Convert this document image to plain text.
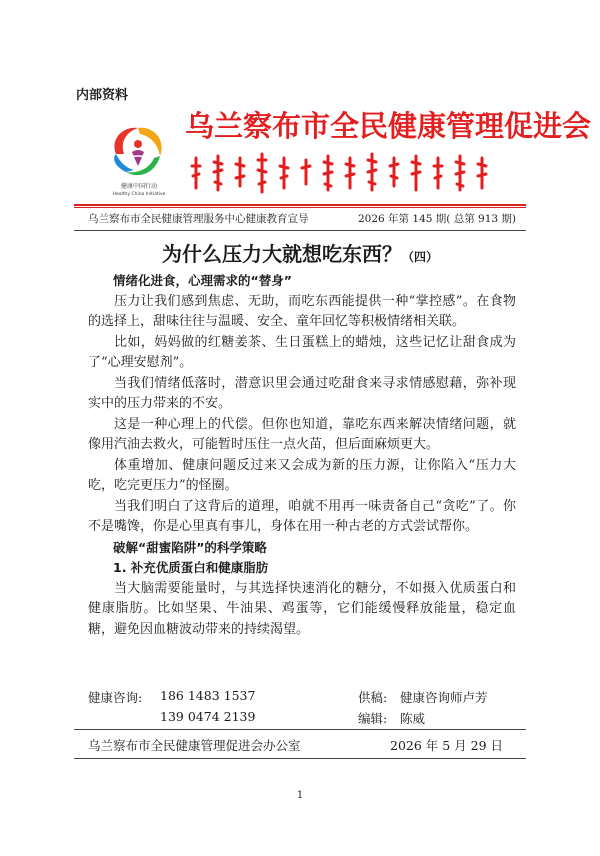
内部资料
健康中国行动
Healthy China Initiative
乌兰察布市全民健康管理促进会
乌兰察布市全民健康管理服务中心健康教育宣导	2026 年第 145 期( 总第 913 期)
为什么压力大就想吃东西？（四）

情绪化进食，心理需求的“替身”

压力让我们感到焦虑、无助，而吃东西能提供一种“掌控感”。在食物的选择上，甜味往往与温暖、安全、童年回忆等积极情绪相关联。

比如，妈妈做的红糖姜茶、生日蛋糕上的蜡烛，这些记忆让甜食成为了“心理安慰剂”。

当我们情绪低落时，潜意识里会通过吃甜食来寻求情感慰藉，弥补现实中的压力带来的不安。

这是一种心理上的代偿。但你也知道，靠吃东西来解决情绪问题，就像用汽油去救火，可能暂时压住一点火苗，但后面麻烦更大。

体重增加、健康问题反过来又会成为新的压力源，让你陷入“压力大吃，吃完更压力”的怪圈。

当我们明白了这背后的道理，咱就不用再一味责备自己“贪吃”了。你不是嘴馋，你是心里真有事儿，身体在用一种古老的方式尝试帮你。

破解“甜蜜陷阱”的科学策略

1. 补充优质蛋白和健康脂肪

当大脑需要能量时，与其选择快速消化的糖分，不如摄入优质蛋白和健康脂肪。比如坚果、牛油果、鸡蛋等，它们能缓慢释放能量，稳定血糖，避免因血糖波动带来的持续渴望。

健康咨询: 186 1483 1537
139 0474 2139
供稿: 健康咨询师卢芳
编辑: 陈威
乌兰察布市全民健康管理促进会办公室	2026 年 5 月 29 日
1
